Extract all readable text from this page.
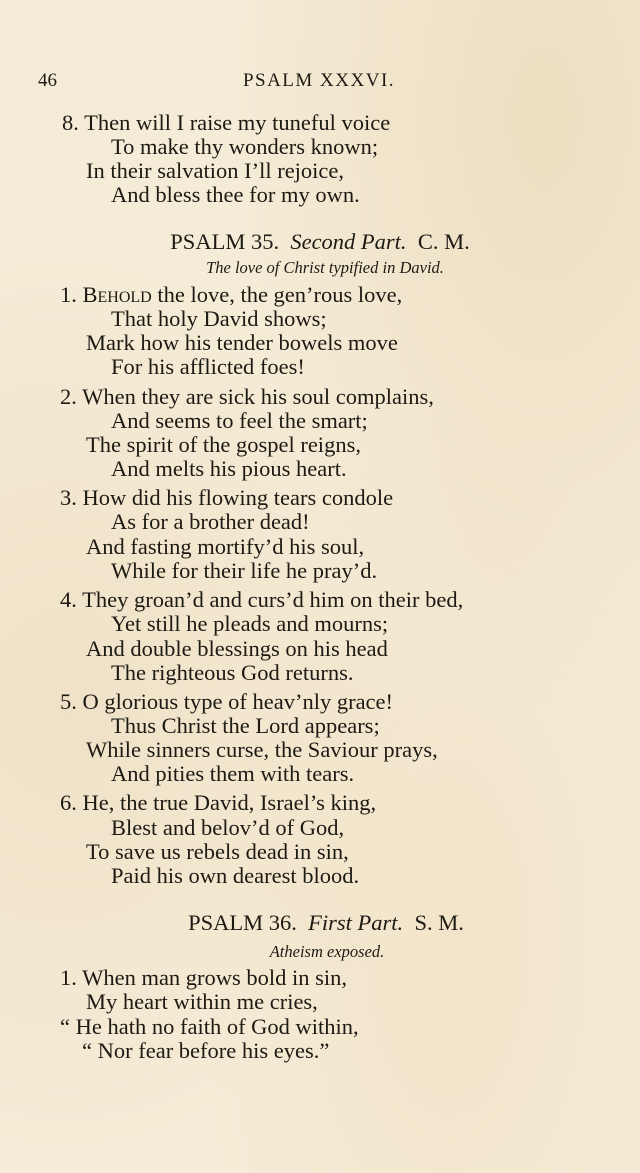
46	PSALM XXXVI.
8. Then will I raise my tuneful voice
To make thy wonders known;
In their salvation I’ll rejoice,
And bless thee for my own.
PSALM 35. Second Part. C. M.
The love of Christ typified in David.
1. Behold the love, the gen’rous love,
That holy David shows;
Mark how his tender bowels move
For his afflicted foes!
2. When they are sick his soul complains,
And seems to feel the smart;
The spirit of the gospel reigns,
And melts his pious heart.
3. How did his flowing tears condole
As for a brother dead!
And fasting mortify’d his soul,
While for their life he pray’d.
4. They groan’d and curs’d him on their bed,
Yet still he pleads and mourns;
And double blessings on his head
The righteous God returns.
5. O glorious type of heav’nly grace!
Thus Christ the Lord appears;
While sinners curse, the Saviour prays,
And pities them with tears.
6. He, the true David, Israel’s king,
Blest and belov’d of God,
To save us rebels dead in sin,
Paid his own dearest blood.
PSALM 36. First Part. S. M.
Atheism exposed.
1. When man grows bold in sin,
My heart within me cries,
“ He hath no faith of God within,
“ Nor fear before his eyes.”
